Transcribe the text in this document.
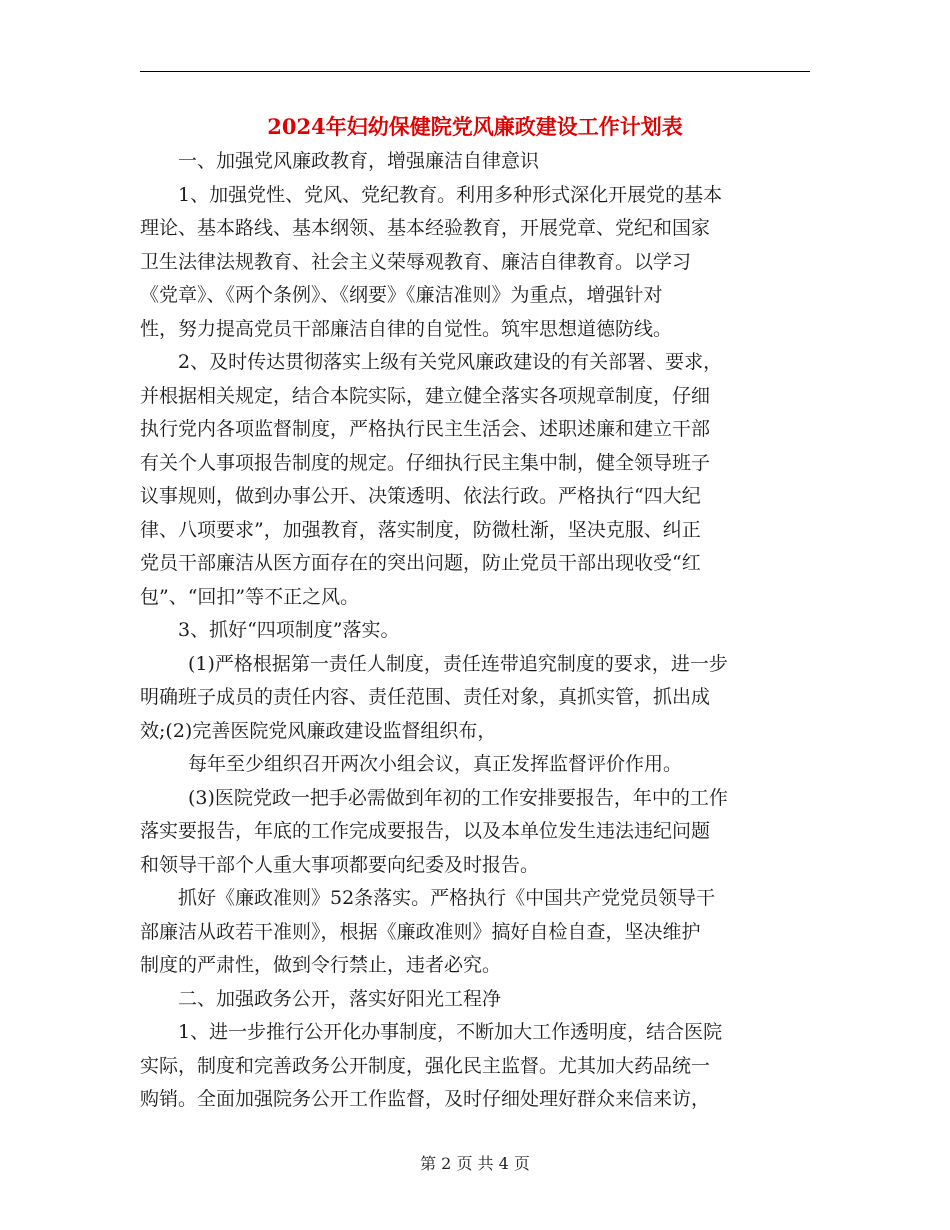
2024年妇幼保健院党风廉政建设工作计划表

一、加强党风廉政教育，增强廉洁自律意识

1、加强党性、党风、党纪教育。利用多种形式深化开展党的基本
理论、基本路线、基本纲领、基本经验教育，开展党章、党纪和国家
卫生法律法规教育、社会主义荣辱观教育、廉洁自律教育。以学习
《党章》、《两个条例》、《纲要》《廉洁准则》为重点，增强针对
性，努力提高党员干部廉洁自律的自觉性。筑牢思想道德防线。

2、及时传达贯彻落实上级有关党风廉政建设的有关部署、要求，
并根据相关规定，结合本院实际，建立健全落实各项规章制度，仔细
执行党内各项监督制度，严格执行民主生活会、述职述廉和建立干部
有关个人事项报告制度的规定。仔细执行民主集中制，健全领导班子
议事规则，做到办事公开、决策透明、依法行政。严格执行“四大纪
律、八项要求”，加强教育，落实制度，防微杜渐，坚决克服、纠正
党员干部廉洁从医方面存在的突出问题，防止党员干部出现收受“红
包”、“回扣”等不正之风。

3、抓好“四项制度”落实。

(1)严格根据第一责任人制度，责任连带追究制度的要求，进一步
明确班子成员的责任内容、责任范围、责任对象，真抓实管，抓出成
效;(2)完善医院党风廉政建设监督组织布，

每年至少组织召开两次小组会议，真正发挥监督评价作用。

(3)医院党政一把手必需做到年初的工作安排要报告，年中的工作
落实要报告，年底的工作完成要报告，以及本单位发生违法违纪问题
和领导干部个人重大事项都要向纪委及时报告。

抓好《廉政准则》52条落实。严格执行《中国共产党党员领导干
部廉洁从政若干准则》，根据《廉政准则》搞好自检自查，坚决维护
制度的严肃性，做到令行禁止，违者必究。

二、加强政务公开，落实好阳光工程净

1、进一步推行公开化办事制度，不断加大工作透明度，结合医院
实际，制度和完善政务公开制度，强化民主监督。尤其加大药品统一
购销。全面加强院务公开工作监督，及时仔细处理好群众来信来访，

第 2 页 共 4 页
